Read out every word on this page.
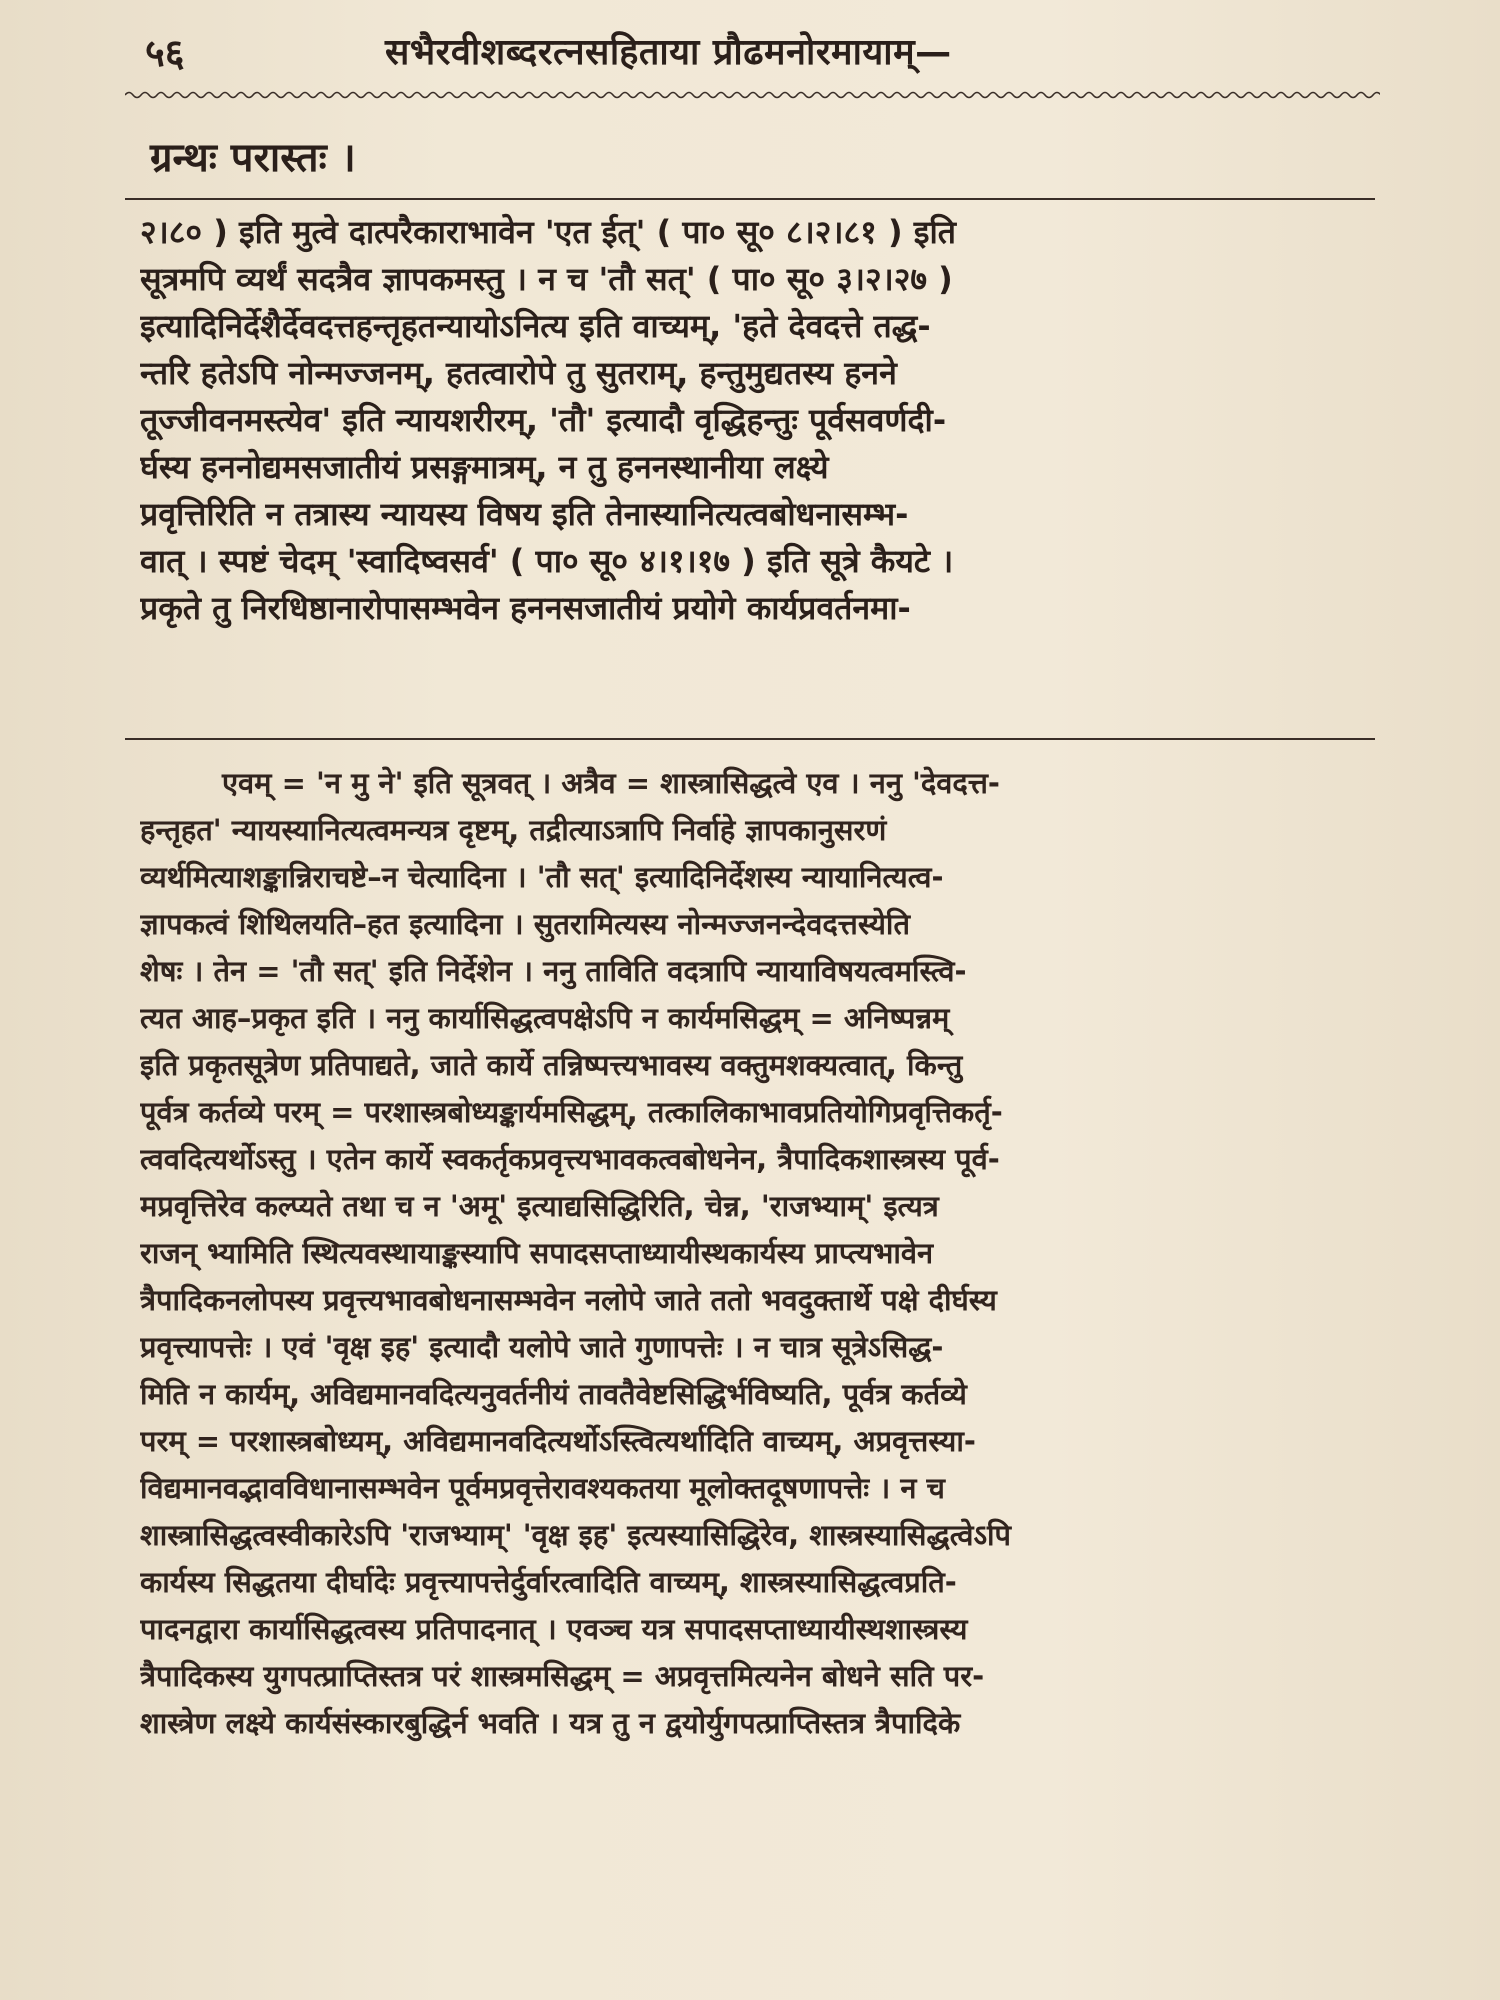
५६	सभैरवीशब्दरत्नसहिताया प्रौढमनोरमायाम्—
ग्रन्थः परास्तः ।
२।८० ) इति मुत्वे दात्परैकाराभावेन 'एत ईत्' ( पा० सू० ८।२।८१ ) इति
सूत्रमपि व्यर्थं सदत्रैव ज्ञापकमस्तु । न च 'तौ सत्' ( पा० सू० ३।२।२७ )
इत्यादिनिर्देशैर्देवदत्तहन्तृहतन्यायोऽनित्य इति वाच्यम्, 'हते देवदत्ते तद्ध-
न्तरि हतेऽपि नोन्मज्जनम्, हतत्वारोपे तु सुतराम्, हन्तुमुद्यतस्य हनने
तूज्जीवनमस्त्येव' इति न्यायशरीरम्, 'तौ' इत्यादौ वृद्धिहन्तुः पूर्वसवर्णदी-
र्घस्य हननोद्यमसजातीयं प्रसङ्गमात्रम्, न तु हननस्थानीया लक्ष्ये
प्रवृत्तिरिति न तत्रास्य न्यायस्य विषय इति तेनास्यानित्यत्वबोधनासम्भ-
वात् । स्पष्टं चेदम् 'स्वादिष्वसर्व' ( पा० सू० ४।१।१७ ) इति सूत्रे कैयटे ।
प्रकृते तु निरधिष्ठानारोपासम्भवेन हननसजातीयं प्रयोगे कार्यप्रवर्तनमा-
एवम् = 'न मु ने' इति सूत्रवत् । अत्रैव = शास्त्रासिद्धत्वे एव । ननु 'देवदत्त-
हन्तृहत' न्यायस्यानित्यत्वमन्यत्र दृष्टम्, तद्रीत्याऽत्रापि निर्वाहे ज्ञापकानुसरणं
व्यर्थमित्याशङ्कान्निराचष्टे–न चेत्यादिना । 'तौ सत्' इत्यादिनिर्देशस्य न्यायानित्यत्व-
ज्ञापकत्वं शिथिलयति–हत इत्यादिना । सुतरामित्यस्य नोन्मज्जनन्देवदत्तस्येति
शेषः । तेन = 'तौ सत्' इति निर्देशेन । ननु ताविति वदत्रापि न्यायाविषयत्वमस्त्वि-
त्यत आह–प्रकृत इति । ननु कार्यासिद्धत्वपक्षेऽपि न कार्यमसिद्धम् = अनिष्पन्नम्
इति प्रकृतसूत्रेण प्रतिपाद्यते, जाते कार्ये तन्निष्पत्त्यभावस्य वक्तुमशक्यत्वात्, किन्तु
पूर्वत्र कर्तव्ये परम् = परशास्त्रबोध्यङ्कार्यमसिद्धम्, तत्कालिकाभावप्रतियोगिप्रवृत्तिकर्तृ-
त्ववदित्यर्थोऽस्तु । एतेन कार्ये स्वकर्तृकप्रवृत्त्यभावकत्वबोधनेन, त्रैपादिकशास्त्रस्य पूर्व-
मप्रवृत्तिरेव कल्प्यते तथा च न 'अमू' इत्याद्यसिद्धिरिति, चेन्न, 'राजभ्याम्' इत्यत्र
राजन् भ्यामिति स्थित्यवस्थायाङ्कस्यापि सपादसप्ताध्यायीस्थकार्यस्य प्राप्त्यभावेन
त्रैपादिकनलोपस्य प्रवृत्त्यभावबोधनासम्भवेन नलोपे जाते ततो भवदुक्तार्थे पक्षे दीर्घस्य
प्रवृत्त्यापत्तेः । एवं 'वृक्ष इह' इत्यादौ यलोपे जाते गुणापत्तेः । न चात्र सूत्रेऽसिद्ध-
मिति न कार्यम्, अविद्यमानवदित्यनुवर्तनीयं तावतैवेष्टसिद्धिर्भविष्यति, पूर्वत्र कर्तव्ये
परम् = परशास्त्रबोध्यम्, अविद्यमानवदित्यर्थोऽस्त्वित्यर्थादिति वाच्यम्, अप्रवृत्तस्या-
विद्यमानवद्भावविधानासम्भवेन पूर्वमप्रवृत्तेरावश्यकतया मूलोक्तदूषणापत्तेः । न च
शास्त्रासिद्धत्वस्वीकारेऽपि 'राजभ्याम्' 'वृक्ष इह' इत्यस्यासिद्धिरेव, शास्त्रस्यासिद्धत्वेऽपि
कार्यस्य सिद्धतया दीर्घादेः प्रवृत्त्यापत्तेर्दुर्वारत्वादिति वाच्यम्, शास्त्रस्यासिद्धत्वप्रति-
पादनद्वारा कार्यासिद्धत्वस्य प्रतिपादनात् । एवञ्च यत्र सपादसप्ताध्यायीस्थशास्त्रस्य
त्रैपादिकस्य युगपत्प्राप्तिस्तत्र परं शास्त्रमसिद्धम् = अप्रवृत्तमित्यनेन बोधने सति पर-
शास्त्रेण लक्ष्ये कार्यसंस्कारबुद्धिर्न भवति । यत्र तु न द्वयोर्युगपत्प्राप्तिस्तत्र त्रैपादिके
